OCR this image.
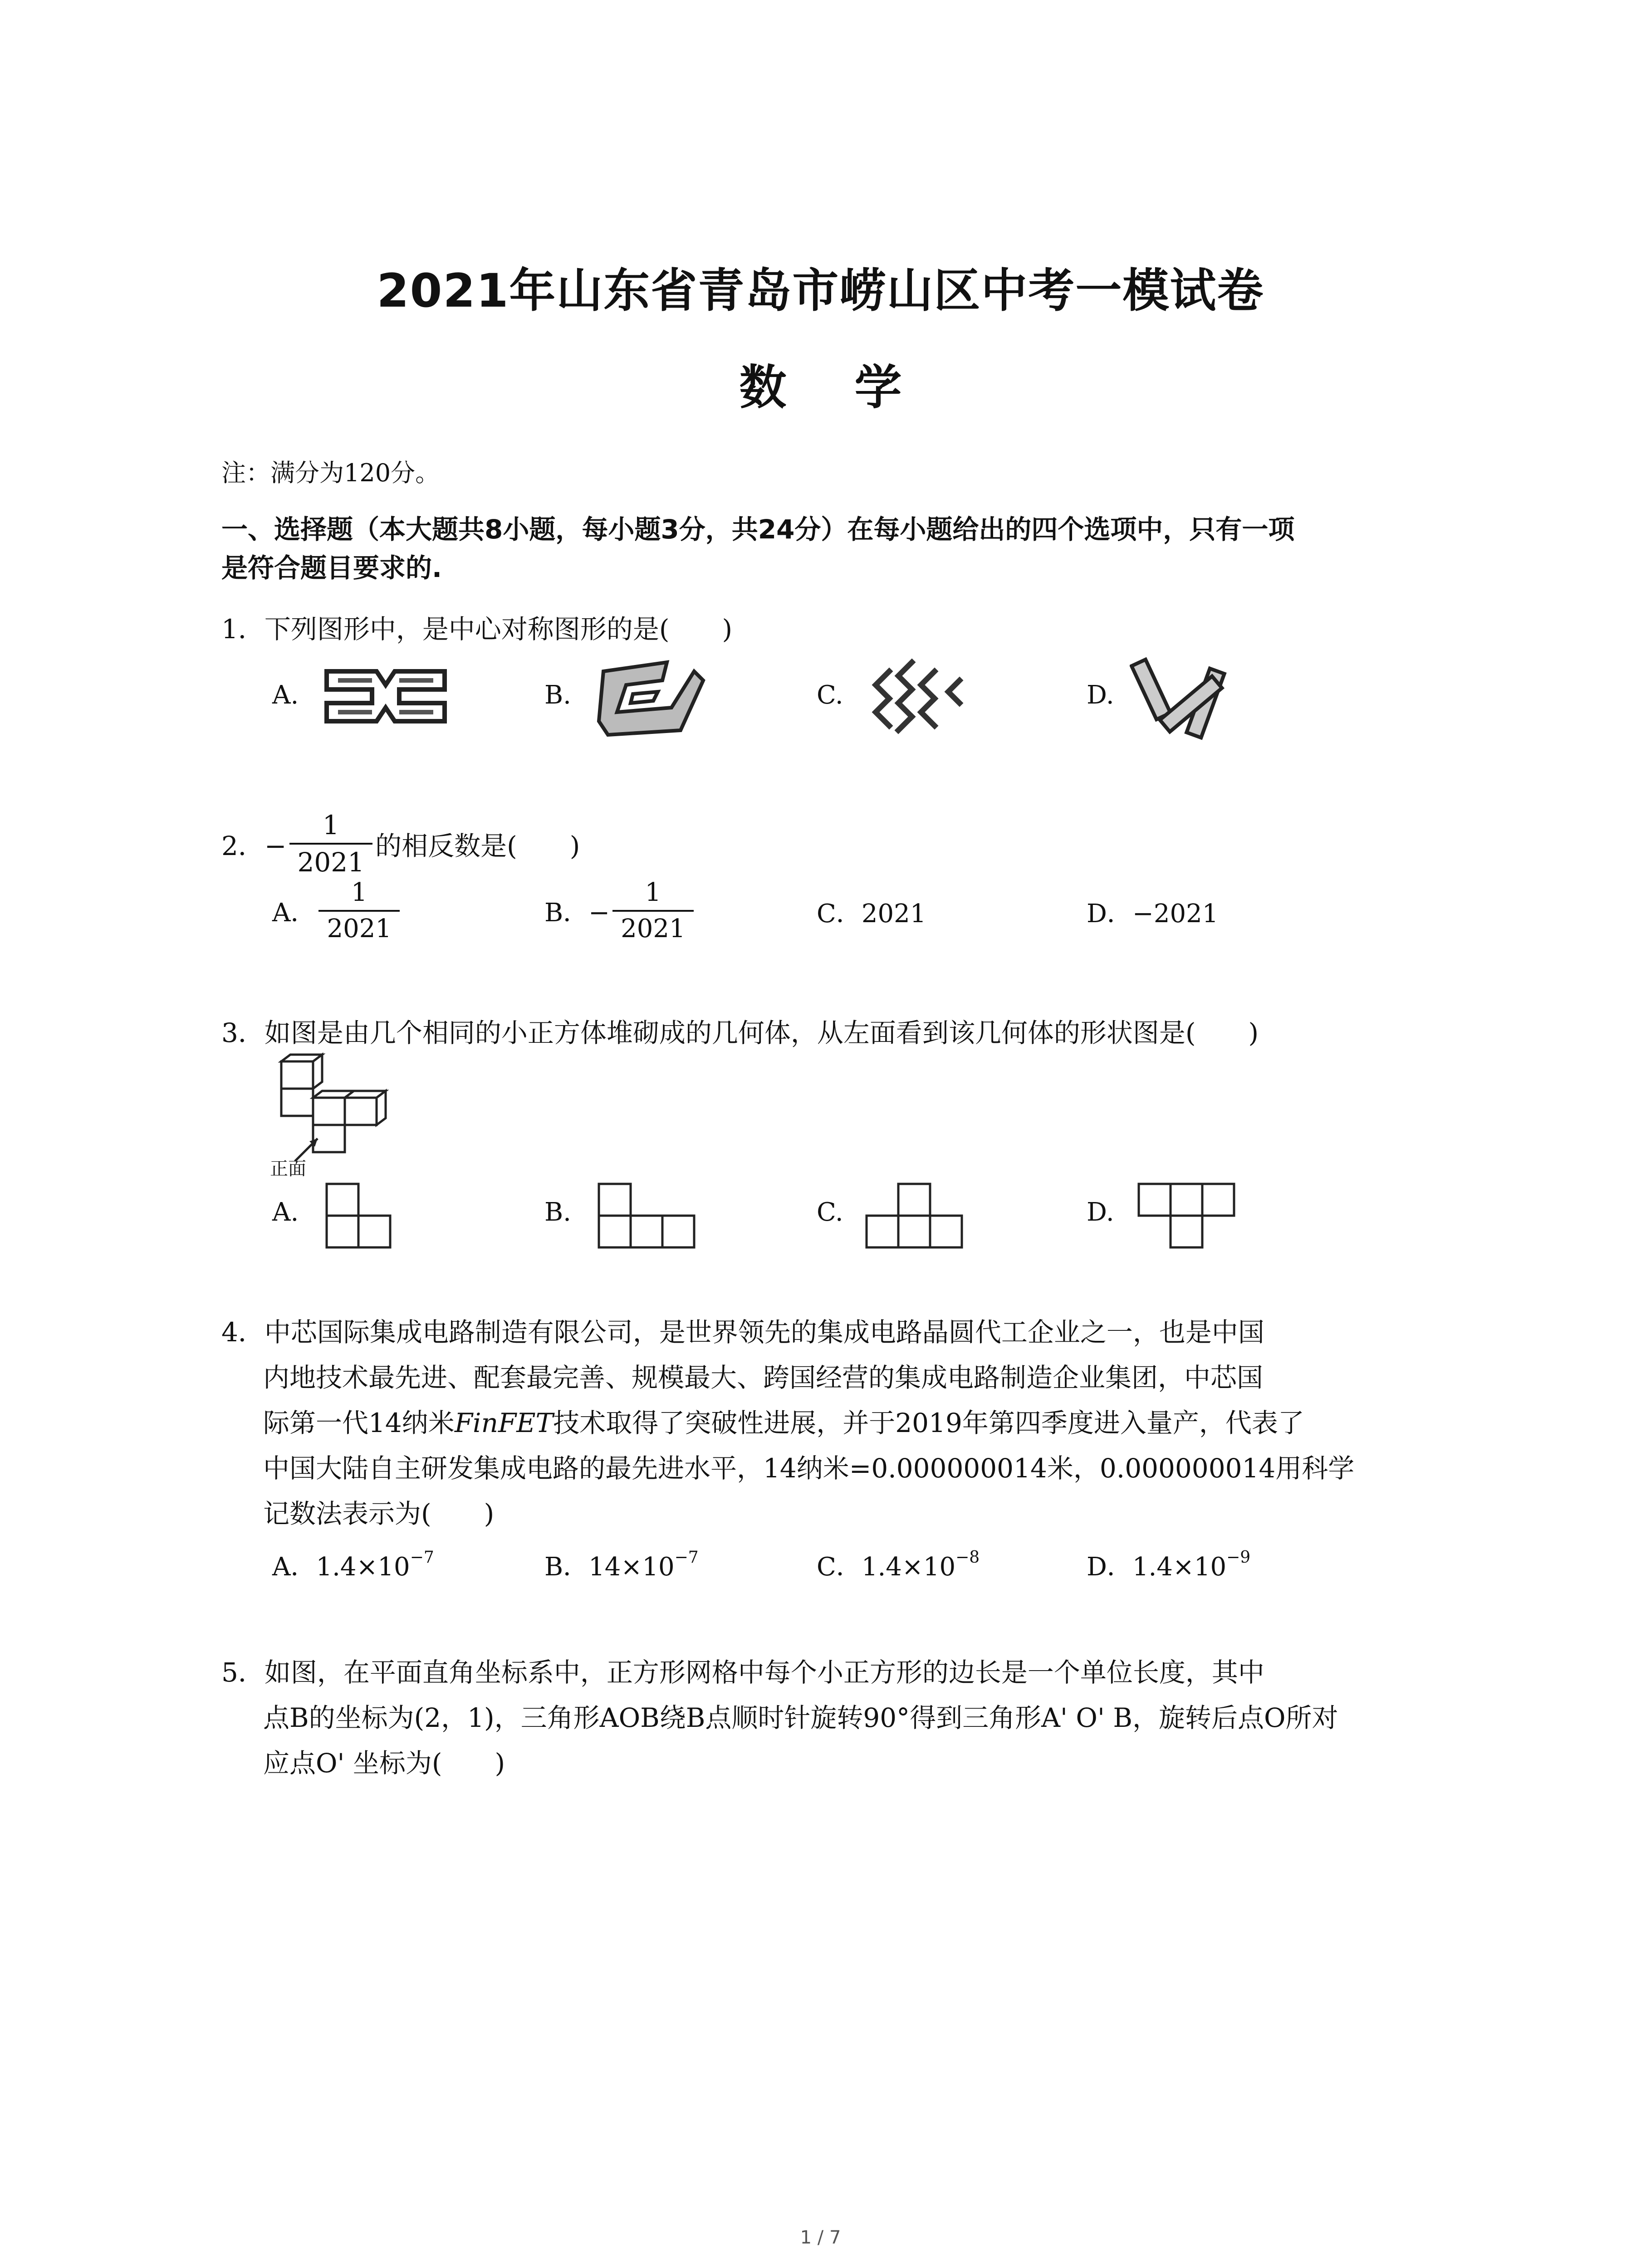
2021年山东省青岛市崂山区中考一模试卷
数学
注：满分为120分。
一、选择题（本大题共8小题，每小题3分，共24分）在每小题给出的四个选项中，只有一项
是符合题目要求的.
1．下列图形中，是中心对称图形的是(　　)
A.	B.	C.	D.
2．− $\frac{1}{2021}$ 的相反数是(　　)
A． $\frac{1}{2021}$	B．− $\frac{1}{2021}$	C．2021	D．−2021
3．如图是由几个相同的小正方体堆砌成的几何体，从左面看到该几何体的形状图是(　　)
正面
A.	B.	C.	D.
4．中芯国际集成电路制造有限公司，是世界领先的集成电路晶圆代工企业之一，也是中国
内地技术最先进、配套最完善、规模最大、跨国经营的集成电路制造企业集团，中芯国
际第一代14纳米FinFET技术取得了突破性进展，并于2019年第四季度进入量产，代表了
中国大陆自主研发集成电路的最先进水平，14纳米=0.000000014米，0.000000014用科学
记数法表示为(　　)
A．$1.4\times 10^{-7}$	B．$14\times 10^{-7}$	C．$1.4\times 10^{-8}$	D．$1.4\times 10^{-9}$
5．如图，在平面直角坐标系中，正方形网格中每个小正方形的边长是一个单位长度，其中
点B的坐标为(2，1)，三角形AOB绕B点顺时针旋转90°得到三角形A' O' B，旋转后点O所对
应点O' 坐标为(　　)
1 / 7
